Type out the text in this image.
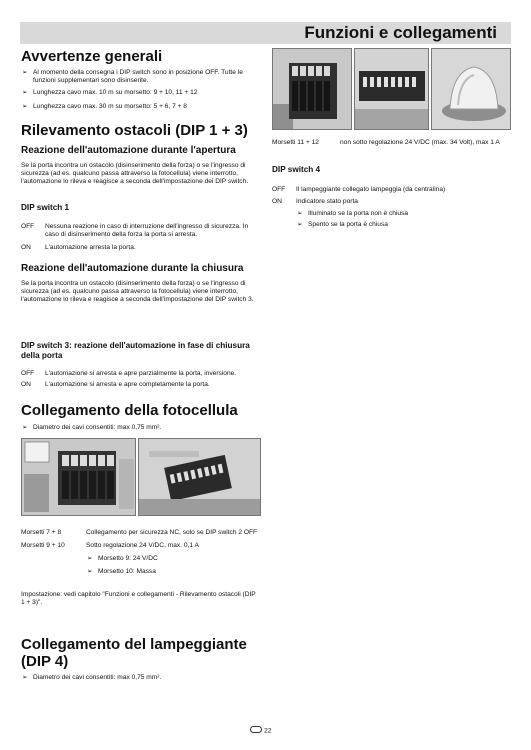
Funzioni e collegamenti
Avvertenze generali
➢ Al momento della consegna i DIP switch sono in posizione OFF. Tutte le funzioni supplementari sono disinserite.
➢ Lunghezza cavo max. 10 m su morsetto: 9 + 10, 11 + 12
➢ Lunghezza cavo max. 30 m su morsetto: 5 + 6, 7 + 8
Rilevamento ostacoli (DIP 1 + 3)
Reazione dell'automazione durante l'apertura

Se la porta incontra un ostacolo (disinserimento della forza) o se l'ingresso di sicurezza (ad es. qualcuno passa attraverso la fotocellula) viene interrotto, l'automazione lo rileva e reagisce a seconda dell'impostazione dei DIP switch.

DIP switch 1
OFF	Nessuna reazione in caso di interruzione dell'ingresso di sicurezza. In caso di disinserimento della forza la porta si arresta.
ON	L'automazione arresta la porta.
Reazione dell'automazione durante la chiusura

Se la porta incontra un ostacolo (disinserimento della forza) o se l'ingresso di sicurezza (ad es. qualcuno passa attraverso la fotocellula) viene interrotto, l'automazione lo rileva e reagisce a seconda dell'impostazione del DIP switch 3.

DIP switch 3: reazione dell'automazione in fase di chiusura della porta
OFF	L'automazione si arresta e apre parzialmente la porta, inversione.
ON	L'automazione si arresta e apre completamente la porta.
Collegamento della fotocellula
➢ Diametro dei cavi consentiti: max 0,75 mm².
Morsetti 7 + 8	Collegamento per sicurezza NC, solo se DIP switch 2 OFF
Morsetti 9 + 10	Sotto regolazione 24 V/DC, max. 0,1 A
➢ Morsetto 9: 24 V/DC
➢ Morsetto 10: Massa

Impostazione: vedi capitolo "Funzioni e collegamenti - Rilevamento ostacoli (DIP 1 + 3)".

Collegamento del lampeggiante (DIP 4)
➢ Diametro dei cavi consentiti: max 0,75 mm².
Morsetti 11 + 12	non sotto regolazione 24 V/DC (max. 34 Volt), max 1 A
DIP switch 4
OFF	Il lampeggiante collegato lampeggia (da centralina)
ON	Indicatore stato porta
➢ Illuminato se la porta non è chiusa
➢ Spento se la porta è chiusa
22
